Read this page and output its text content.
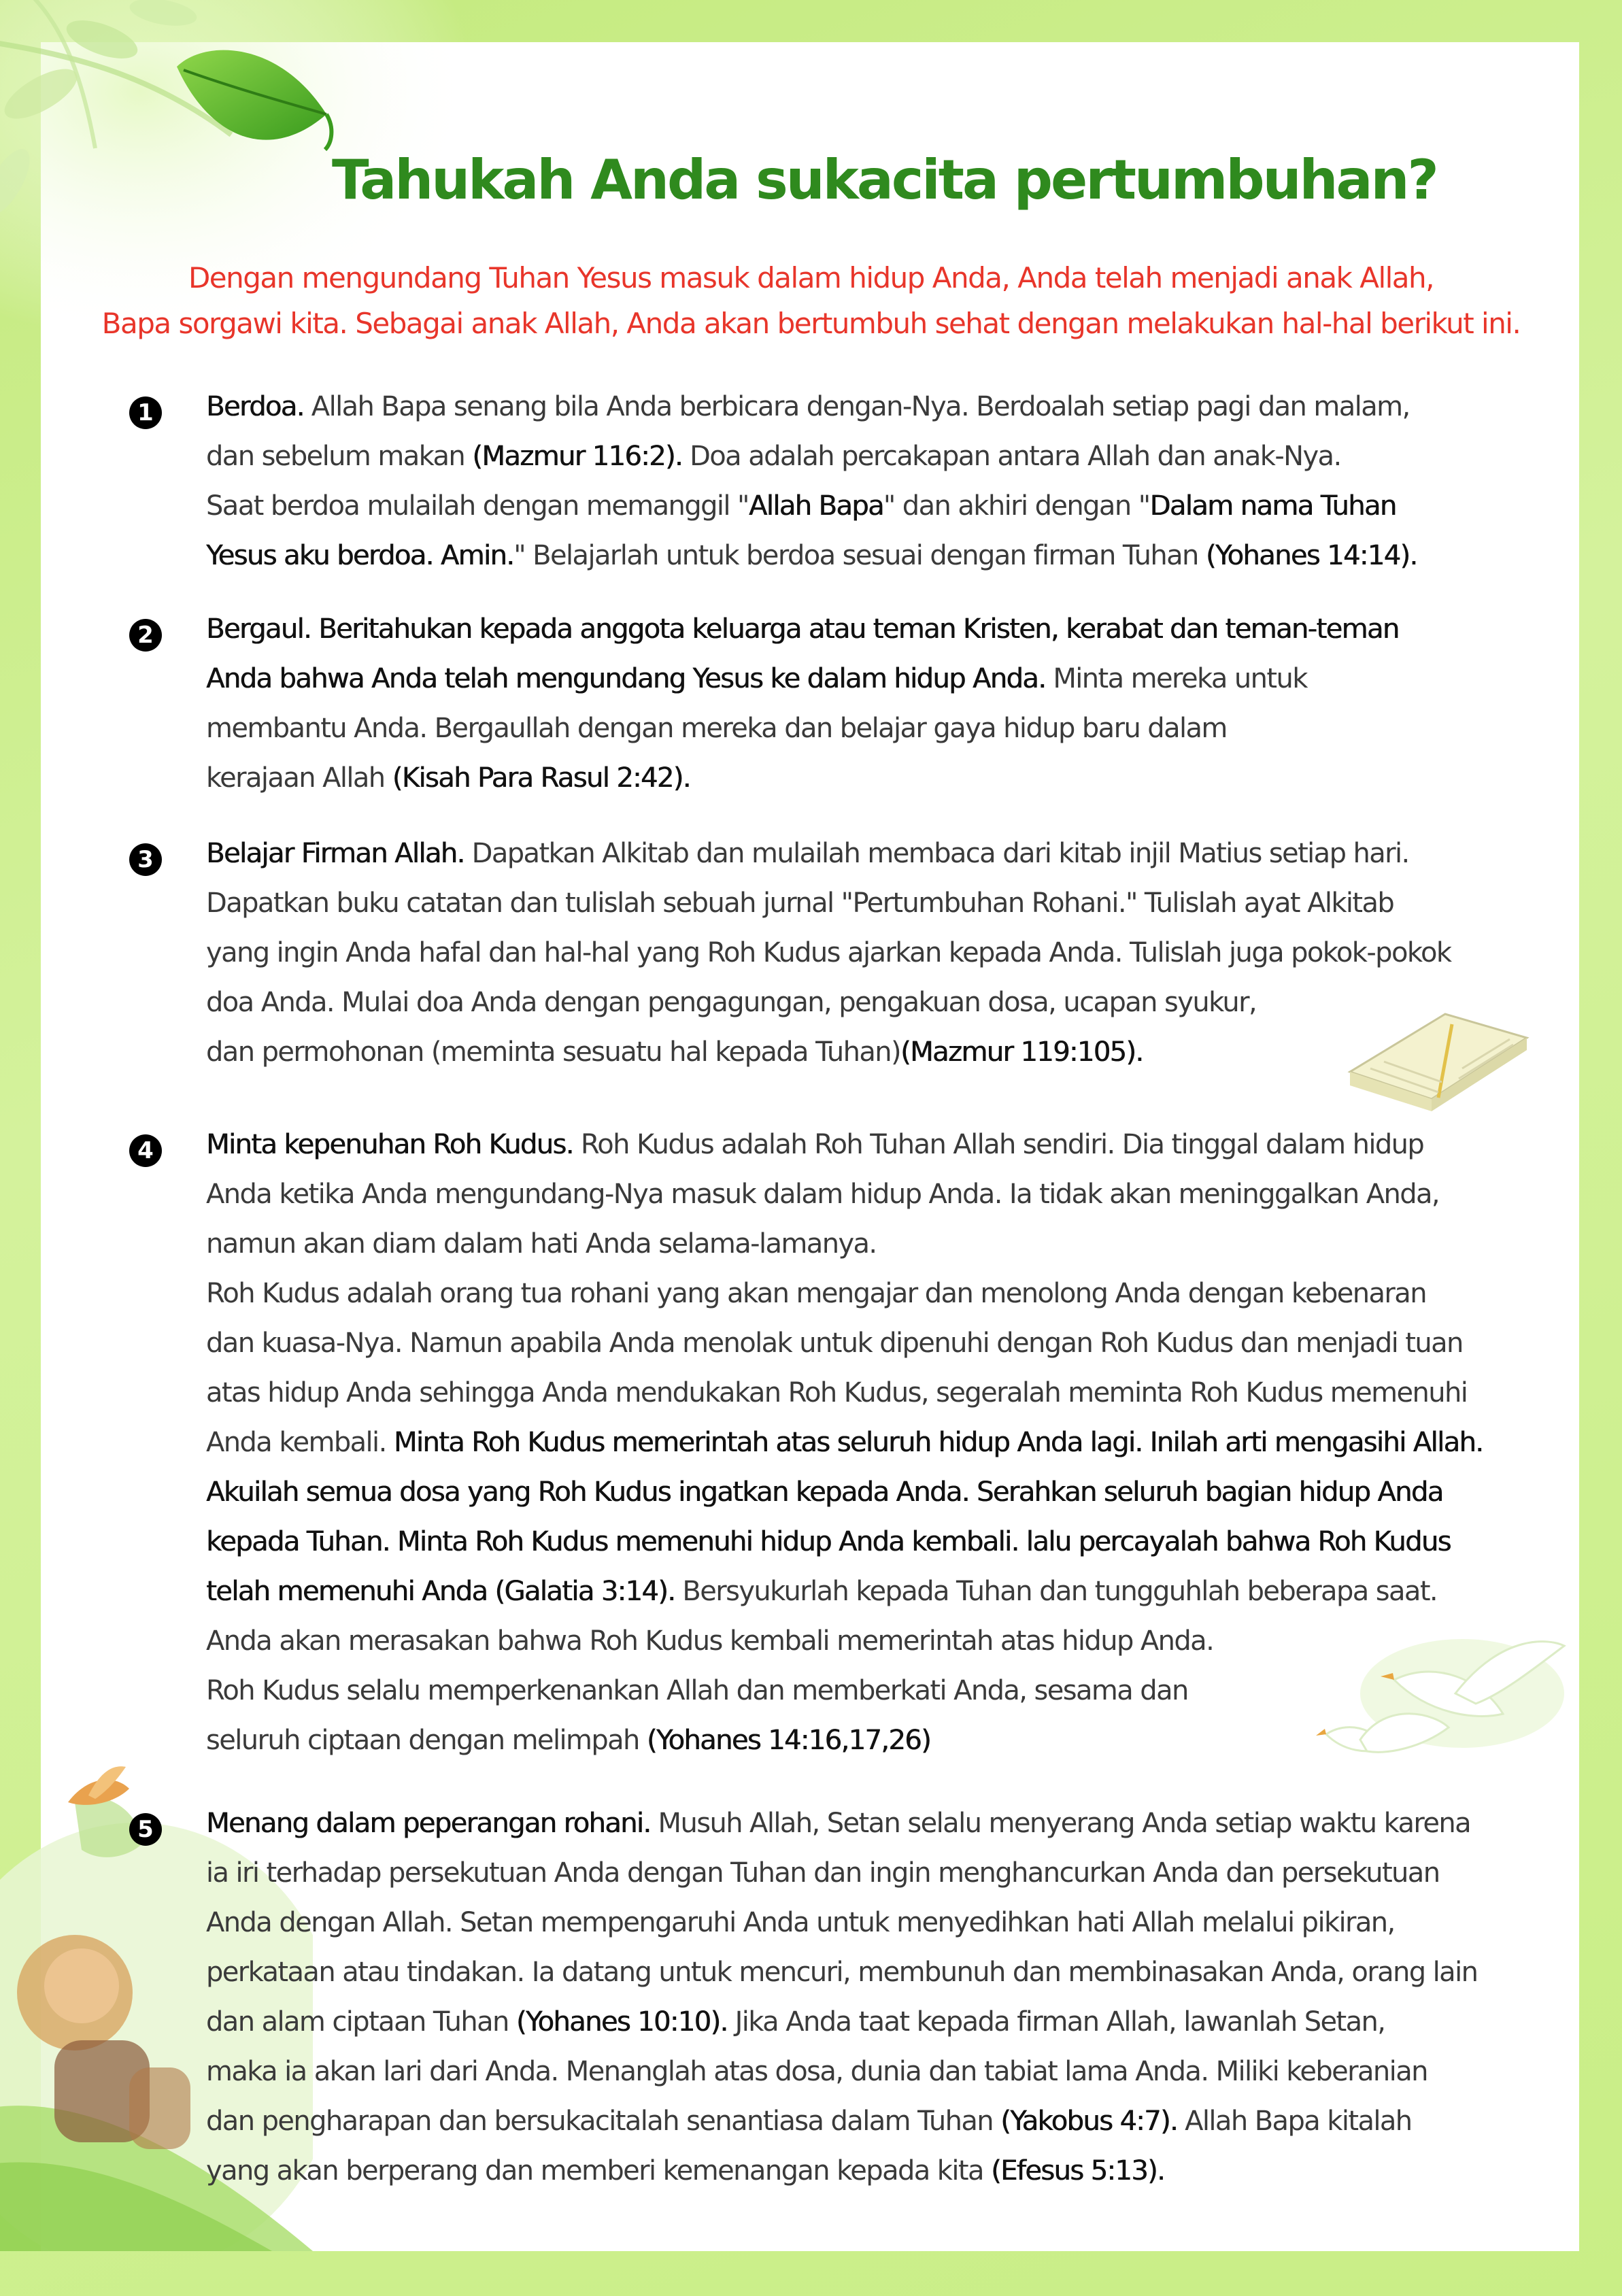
Tahukah Anda sukacita pertumbuhan?
Dengan mengundang Tuhan Yesus masuk dalam hidup Anda, Anda telah menjadi anak Allah,
Bapa sorgawi kita. Sebagai anak Allah, Anda akan bertumbuh sehat dengan melakukan hal-hal berikut ini.
1	Berdoa. Allah Bapa senang bila Anda berbicara dengan-Nya. Berdoalah setiap pagi dan malam,
dan sebelum makan (Mazmur 116:2). Doa adalah percakapan antara Allah dan anak-Nya.
Saat berdoa mulailah dengan memanggil "Allah Bapa" dan akhiri dengan "Dalam nama Tuhan
Yesus aku berdoa. Amin." Belajarlah untuk berdoa sesuai dengan firman Tuhan (Yohanes 14:14).
2	Bergaul. Beritahukan kepada anggota keluarga atau teman Kristen, kerabat dan teman-teman
Anda bahwa Anda telah mengundang Yesus ke dalam hidup Anda. Minta mereka untuk
membantu Anda. Bergaullah dengan mereka dan belajar gaya hidup baru dalam
kerajaan Allah (Kisah Para Rasul 2:42).
3	Belajar Firman Allah. Dapatkan Alkitab dan mulailah membaca dari kitab injil Matius setiap hari.
Dapatkan buku catatan dan tulislah sebuah jurnal "Pertumbuhan Rohani." Tulislah ayat Alkitab
yang ingin Anda hafal dan hal-hal yang Roh Kudus ajarkan kepada Anda. Tulislah juga pokok-pokok
doa Anda. Mulai doa Anda dengan pengagungan, pengakuan dosa, ucapan syukur,
dan permohonan (meminta sesuatu hal kepada Tuhan)(Mazmur 119:105).
4	Minta kepenuhan Roh Kudus. Roh Kudus adalah Roh Tuhan Allah sendiri. Dia tinggal dalam hidup
Anda ketika Anda mengundang-Nya masuk dalam hidup Anda. Ia tidak akan meninggalkan Anda,
namun akan diam dalam hati Anda selama-lamanya.
Roh Kudus adalah orang tua rohani yang akan mengajar dan menolong Anda dengan kebenaran
dan kuasa-Nya. Namun apabila Anda menolak untuk dipenuhi dengan Roh Kudus dan menjadi tuan
atas hidup Anda sehingga Anda mendukakan Roh Kudus, segeralah meminta Roh Kudus memenuhi
Anda kembali. Minta Roh Kudus memerintah atas seluruh hidup Anda lagi. Inilah arti mengasihi Allah.
Akuilah semua dosa yang Roh Kudus ingatkan kepada Anda. Serahkan seluruh bagian hidup Anda
kepada Tuhan. Minta Roh Kudus memenuhi hidup Anda kembali. lalu percayalah bahwa Roh Kudus
telah memenuhi Anda (Galatia 3:14). Bersyukurlah kepada Tuhan dan tungguhlah beberapa saat.
Anda akan merasakan bahwa Roh Kudus kembali memerintah atas hidup Anda.
Roh Kudus selalu memperkenankan Allah dan memberkati Anda, sesama dan
seluruh ciptaan dengan melimpah (Yohanes 14:16,17,26)
5	Menang dalam peperangan rohani. Musuh Allah, Setan selalu menyerang Anda setiap waktu karena
ia iri terhadap persekutuan Anda dengan Tuhan dan ingin menghancurkan Anda dan persekutuan
Anda dengan Allah. Setan mempengaruhi Anda untuk menyedihkan hati Allah melalui pikiran,
perkataan atau tindakan. Ia datang untuk mencuri, membunuh dan membinasakan Anda, orang lain
dan alam ciptaan Tuhan (Yohanes 10:10). Jika Anda taat kepada firman Allah, lawanlah Setan,
maka ia akan lari dari Anda. Menanglah atas dosa, dunia dan tabiat lama Anda. Miliki keberanian
dan pengharapan dan bersukacitalah senantiasa dalam Tuhan (Yakobus 4:7). Allah Bapa kitalah
yang akan berperang dan memberi kemenangan kepada kita (Efesus 5:13).
